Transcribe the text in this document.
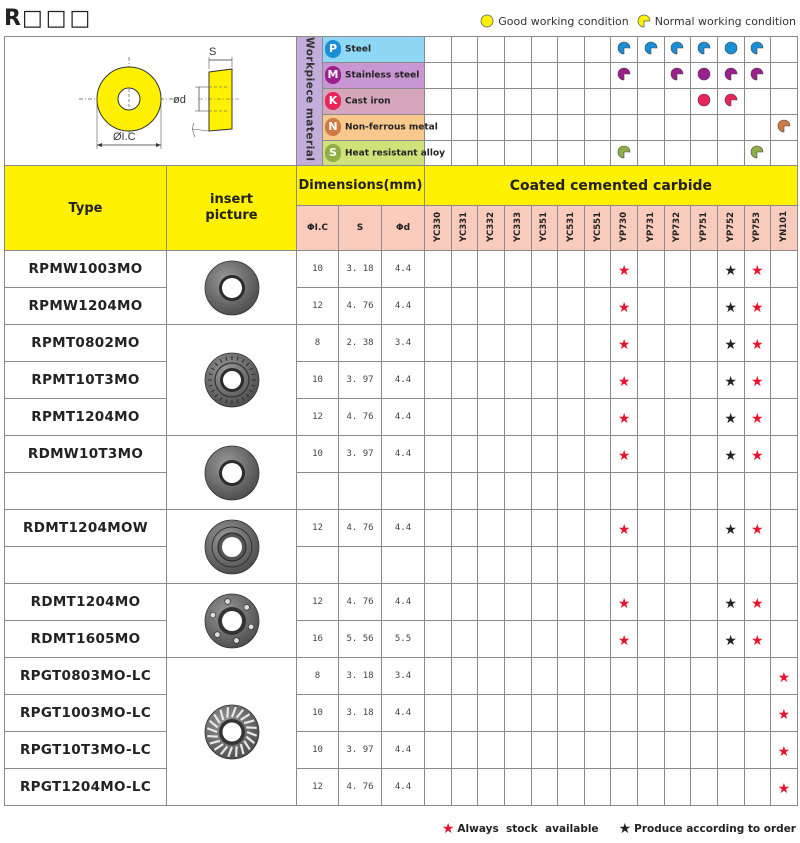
R□□□	Good working condition Normal working condition
S
ød
ØI.C		Workpiece material	P Steel														
			M Stainless steel														
			K Cast iron														
			N Non-ferrous metal														
			S Heat resistant alloy														
Type	insert picture	Dimensions(mm)				Coated cemented carbide													
		ΦI.C		S	Φd	YC330	YC331	YC332	YC333	YC351	YC531	YC551	YP730	YP731	YP732	YP751	YP752	YP753	YN101
RPMW1003MO		10		3. 18	4.4								★				★	★	
RPMW1204MO		12		4. 76	4.4								★				★	★	
RPMT0802MO		8		2. 38	3.4								★				★	★	
RPMT10T3MO		10		3. 97	4.4								★				★	★	
RPMT1204MO		12		4. 76	4.4								★				★	★	
RDMW10T3MO		10		3. 97	4.4								★				★	★	

RDMT1204MOW		12		4. 76	4.4								★				★	★	

RDMT1204MO		12		4. 76	4.4								★				★	★	
RDMT1605MO		16		5. 56	5.5								★				★	★	
RPGT0803MO-LC		8		3. 18	3.4														★
RPGT1003MO-LC		10		3. 18	4.4														★
RPGT10T3MO-LC		10		3. 97	4.4														★
RPGT1204MO-LC		12		4. 76	4.4														★
★ Always  stock  available ★ Produce according to order
